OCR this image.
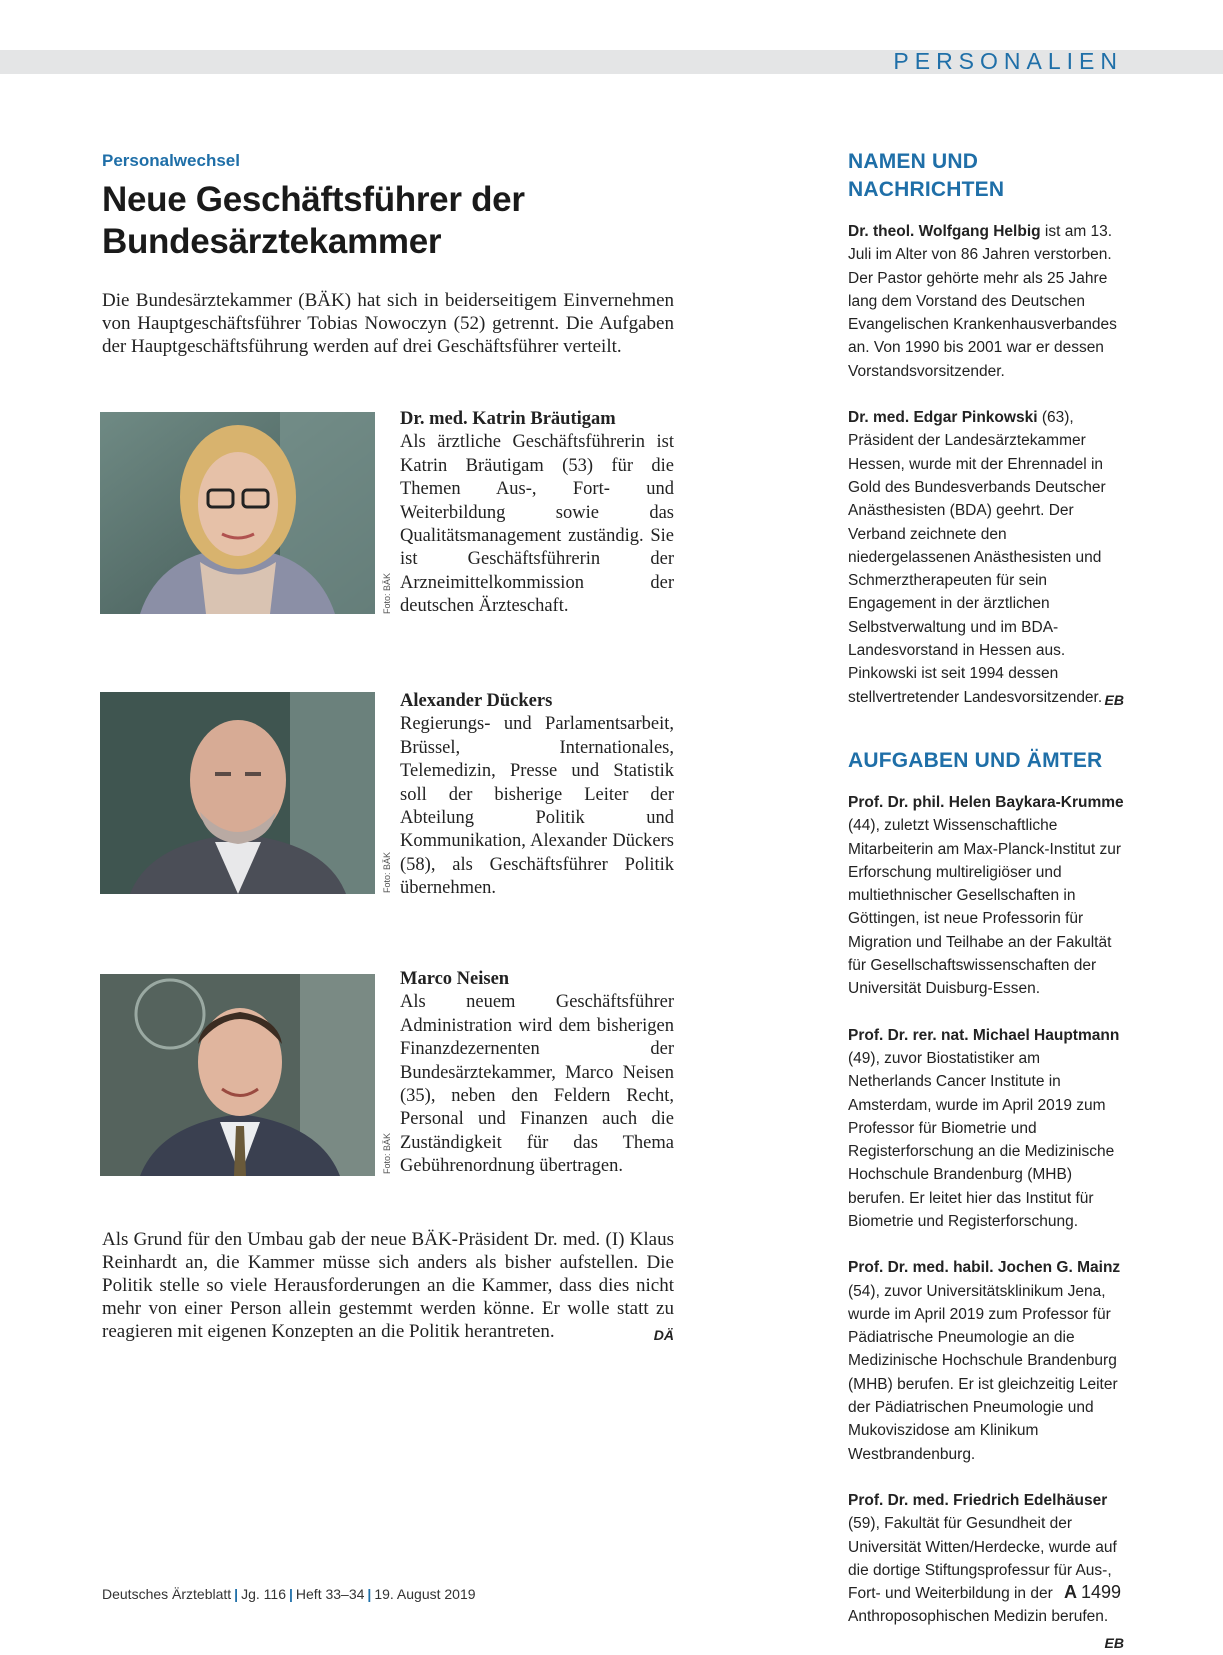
PERSONALIEN
Personalwechsel
Neue Geschäftsführer der
Bundesärztekammer

Die Bundesärztekammer (BÄK) hat sich in beiderseitigem Einvernehmen von Hauptgeschäftsführer Tobias Nowoczyn (52) getrennt. Die Aufgaben der Hauptgeschäftsführung werden auf drei Geschäftsführer verteilt.

Foto: BÄK

Dr. med. Katrin Bräutigam
Als ärztliche Geschäftsführerin ist Katrin Bräutigam (53) für die Themen Aus-, Fort- und Weiterbildung sowie das Qualitätsmanagement zuständig. Sie ist Geschäftsführerin der Arzneimittelkommission der deutschen Ärzteschaft.

Foto: BÄK

Alexander Dückers
Regierungs- und Parlamentsarbeit, Brüssel, Internationales, Telemedizin, Presse und Statistik soll der bisherige Leiter der Abteilung Politik und Kommunikation, Alexander Dückers (58), als Geschäftsführer Politik übernehmen.

Foto: BÄK

Marco Neisen
Als neuem Geschäftsführer Administration wird dem bisherigen Finanzdezernenten der Bundesärztekammer, Marco Neisen (35), neben den Feldern Recht, Personal und Finanzen auch die Zuständigkeit für das Thema Gebührenordnung übertragen.

Als Grund für den Umbau gab der neue BÄK-Präsident Dr. med. (I) Klaus Reinhardt an, die Kammer müsse sich anders als bisher aufstellen. Die Politik stelle so viele Herausforderungen an die Kammer, dass dies nicht mehr von einer Person allein gestemmt werden könne. Er wolle statt zu reagieren mit eigenen Konzepten an die Politik herantreten.	DÄ

NAMEN UND NACHRICHTEN

Dr. theol. Wolfgang Helbig ist am 13. Juli im Alter von 86 Jahren verstorben. Der Pastor gehörte mehr als 25 Jahre lang dem Vorstand des Deutschen Evangelischen Krankenhausverbandes an. Von 1990 bis 2001 war er dessen Vorstandsvorsitzender.

Dr. med. Edgar Pinkowski (63), Präsident der Landesärztekammer Hessen, wurde mit der Ehrennadel in Gold des Bundesverbands Deutscher Anästhesisten (BDA) geehrt. Der Verband zeichnete den niedergelassenen Anästhesisten und Schmerztherapeuten für sein Engagement in der ärztlichen Selbstverwaltung und im BDA-Landesvorstand in Hessen aus. Pinkowski ist seit 1994 dessen stellvertretender Landesvorsitzender. EB

AUFGABEN UND ÄMTER

Prof. Dr. phil. Helen Baykara-Krumme (44), zuletzt Wissenschaftliche Mitarbeiterin am Max-Planck-Institut zur Erforschung multireligiöser und multiethnischer Gesellschaften in Göttingen, ist neue Professorin für Migration und Teilhabe an der Fakultät für Gesellschaftswissenschaften der Universität Duisburg-Essen.

Prof. Dr. rer. nat. Michael Hauptmann (49), zuvor Biostatistiker am Netherlands Cancer Institute in Amsterdam, wurde im April 2019 zum Professor für Biometrie und Registerforschung an die Medizinische Hochschule Brandenburg (MHB) berufen. Er leitet hier das Institut für Biometrie und Registerforschung.

Prof. Dr. med. habil. Jochen G. Mainz (54), zuvor Universitätsklinikum Jena, wurde im April 2019 zum Professor für Pädiatrische Pneumologie an die Medizinische Hochschule Brandenburg (MHB) berufen. Er ist gleichzeitig Leiter der Pädiatrischen Pneumologie und Mukoviszidose am Klinikum Westbrandenburg.

Prof. Dr. med. Friedrich Edelhäuser (59), Fakultät für Gesundheit der Universität Witten/Herdecke, wurde auf die dortige Stiftungsprofessur für Aus-, Fort- und Weiterbildung in der Anthroposophischen Medizin berufen.
EB

Deutsches Ärzteblatt | Jg. 116 | Heft 33–34 | 19. August 2019	A 1499
